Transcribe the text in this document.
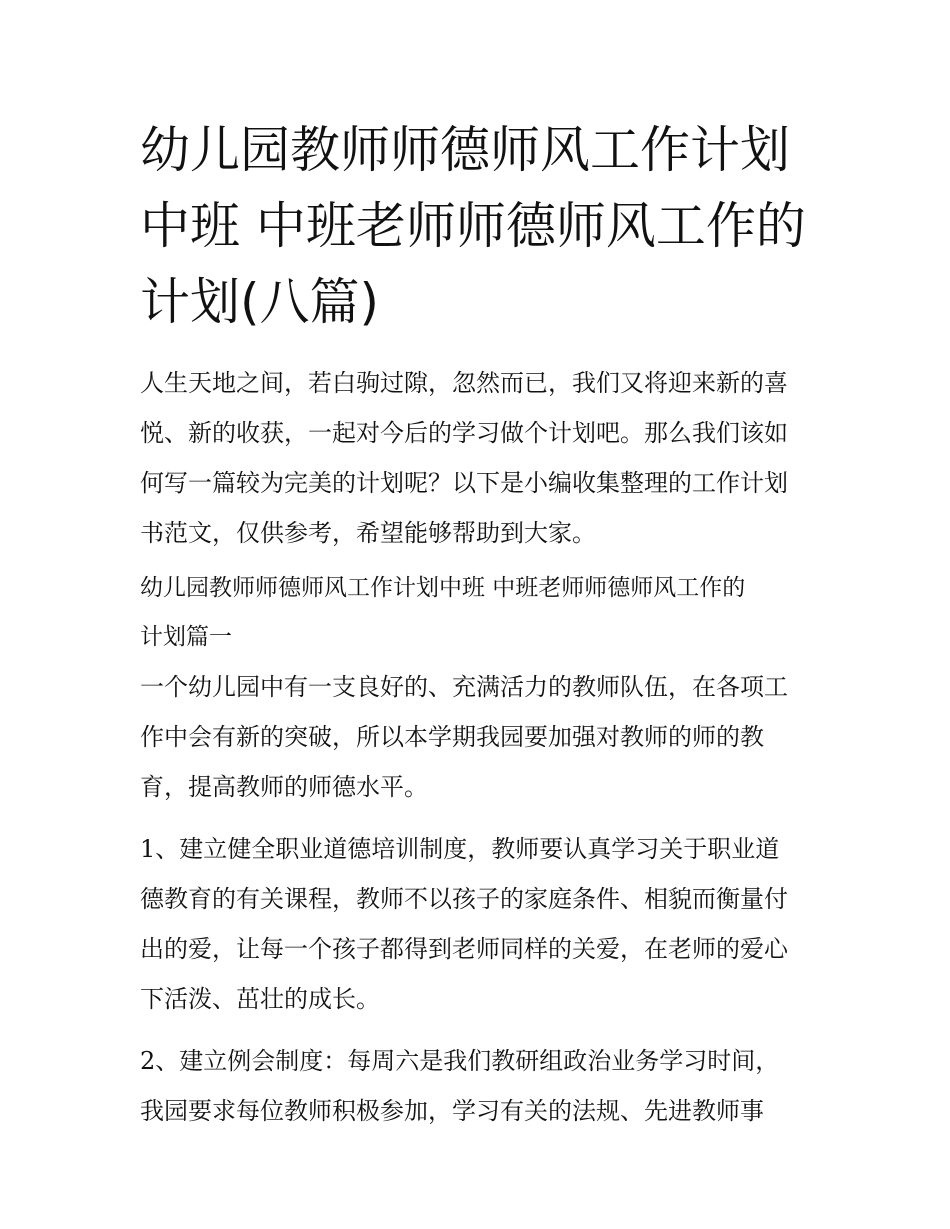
幼儿园教师师德师风工作计划
中班 中班老师师德师风工作的
计划(八篇)
人生天地之间，若白驹过隙，忽然而已，我们又将迎来新的喜
悦、新的收获，一起对今后的学习做个计划吧。那么我们该如
何写一篇较为完美的计划呢？以下是小编收集整理的工作计划
书范文，仅供参考，希望能够帮助到大家。
幼儿园教师师德师风工作计划中班 中班老师师德师风工作的
计划篇一
一个幼儿园中有一支良好的、充满活力的教师队伍，在各项工
作中会有新的突破，所以本学期我园要加强对教师的师的教
育，提高教师的师德水平。
1、建立健全职业道德培训制度，教师要认真学习关于职业道
德教育的有关课程，教师不以孩子的家庭条件、相貌而衡量付
出的爱，让每一个孩子都得到老师同样的关爱，在老师的爱心
下活泼、茁壮的成长。
2、建立例会制度：每周六是我们教研组政治业务学习时间，
我园要求每位教师积极参加，学习有关的法规、先进教师事
